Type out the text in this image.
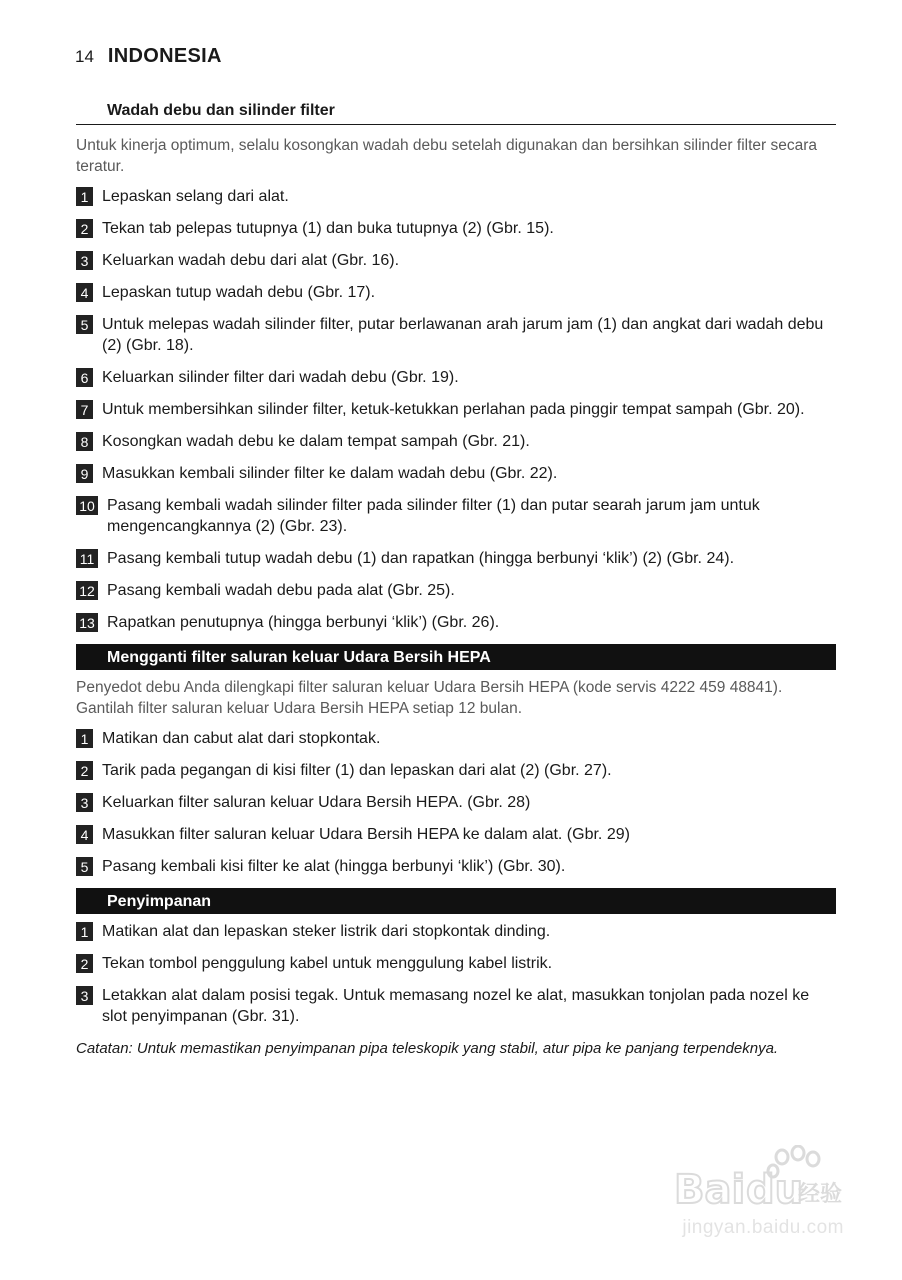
14 INDONESIA
Wadah debu dan silinder filter

Untuk kinerja optimum, selalu kosongkan wadah debu setelah digunakan dan bersihkan silinder filter secara teratur.

1 Lepaskan selang dari alat.
2 Tekan tab pelepas tutupnya (1) dan buka tutupnya (2) (Gbr. 15).
3 Keluarkan wadah debu dari alat (Gbr. 16).
4 Lepaskan tutup wadah debu (Gbr. 17).
5 Untuk melepas wadah silinder filter, putar berlawanan arah jarum jam (1) dan angkat dari wadah debu (2) (Gbr. 18).
6 Keluarkan silinder filter dari wadah debu (Gbr. 19).
7 Untuk membersihkan silinder filter, ketuk-ketukkan perlahan pada pinggir tempat sampah (Gbr. 20).
8 Kosongkan wadah debu ke dalam tempat sampah (Gbr. 21).
9 Masukkan kembali silinder filter ke dalam wadah debu (Gbr. 22).
10 Pasang kembali wadah silinder filter pada silinder filter (1) dan putar searah jarum jam untuk mengencangkannya (2) (Gbr. 23).
11 Pasang kembali tutup wadah debu (1) dan rapatkan (hingga berbunyi ‘klik’) (2) (Gbr. 24).
12 Pasang kembali wadah debu pada alat (Gbr. 25).
13 Rapatkan penutupnya (hingga berbunyi ‘klik’) (Gbr. 26).
Mengganti filter saluran keluar Udara Bersih HEPA

Penyedot debu Anda dilengkapi filter saluran keluar Udara Bersih HEPA (kode servis 4222 459 48841).

Gantilah filter saluran keluar Udara Bersih HEPA setiap 12 bulan.

1 Matikan dan cabut alat dari stopkontak.
2 Tarik pada pegangan di kisi filter (1) dan lepaskan dari alat (2) (Gbr. 27).
3 Keluarkan filter saluran keluar Udara Bersih HEPA. (Gbr. 28)
4 Masukkan filter saluran keluar Udara Bersih HEPA ke dalam alat. (Gbr. 29)
5 Pasang kembali kisi filter ke alat (hingga berbunyi ‘klik’) (Gbr. 30).
Penyimpanan
1 Matikan alat dan lepaskan steker listrik dari stopkontak dinding.
2 Tekan tombol penggulung kabel untuk menggulung kabel listrik.
3 Letakkan alat dalam posisi tegak. Untuk memasang nozel ke alat, masukkan tonjolan pada nozel ke slot penyimpanan (Gbr. 31).
Catatan: Untuk memastikan penyimpanan pipa teleskopik yang stabil, atur pipa ke panjang terpendeknya.
Bai du
经验
jingyan.baidu.com
